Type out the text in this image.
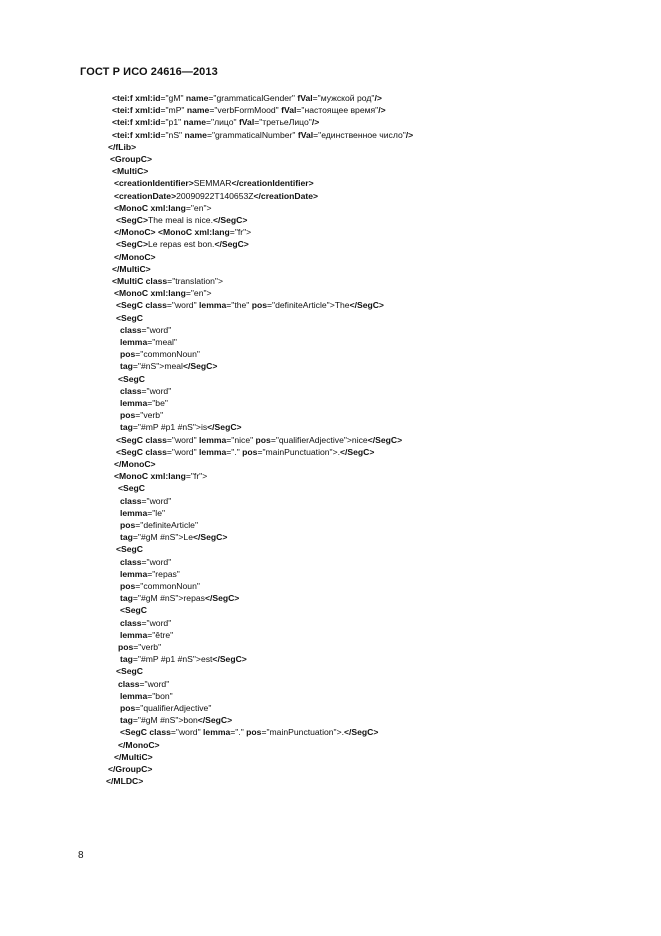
ГОСТ Р ИСО 24616—2013
<tei:f xml:id="gM" name="grammaticalGender" fVal="мужской род"/>
<tei:f xml:id="mP" name="verbFormMood" fVal="настоящее время"/>
<tei:f xml:id="p1" name="лицо" fVal="третьеЛицо"/>
<tei:f xml:id="nS" name="grammaticalNumber" fVal="единственное число"/>
</fLib>
<GroupC>
<MultiC>
<creationIdentifier>SEMMAR</creationIdentifier>
<creationDate>20090922T140653Z</creationDate>
<MonoC xml:lang="en">
<SegC>The meal is nice.</SegC>
</MonoC> <MonoC xml:lang="fr">
<SegC>Le repas est bon.</SegC>
</MonoC>
</MultiC>
<MultiC class="translation">
<MonoC xml:lang="en">
<SegC class="word" lemma="the" pos="definiteArticle">The</SegC>
<SegC
class="word"
lemma="meal"
pos="commonNoun"
tag="#nS">meal</SegC>
<SegC
class="word"
lemma="be"
pos="verb"
tag="#mP #p1 #nS">is</SegC>
<SegC class="word" lemma="nice" pos="qualifierAdjective">nice</SegC>
<SegC class="word" lemma="." pos="mainPunctuation">.</SegC>
</MonoC>
<MonoC xml:lang="fr">
<SegC
class="word"
lemma="le"
pos="definiteArticle"
tag="#gM #nS">Le</SegC>
<SegC
class="word"
lemma="repas"
pos="commonNoun"
tag="#gM #nS">repas</SegC>
<SegC
class="word"
lemma="être"
pos="verb"
tag="#mP #p1 #nS">est</SegC>
<SegC
class="word"
lemma="bon"
pos="qualifierAdjective"
tag="#gM #nS">bon</SegC>
<SegC class="word" lemma="." pos="mainPunctuation">.</SegC>
</MonoC>
</MultiC>
</GroupC>
</MLDC>
8
